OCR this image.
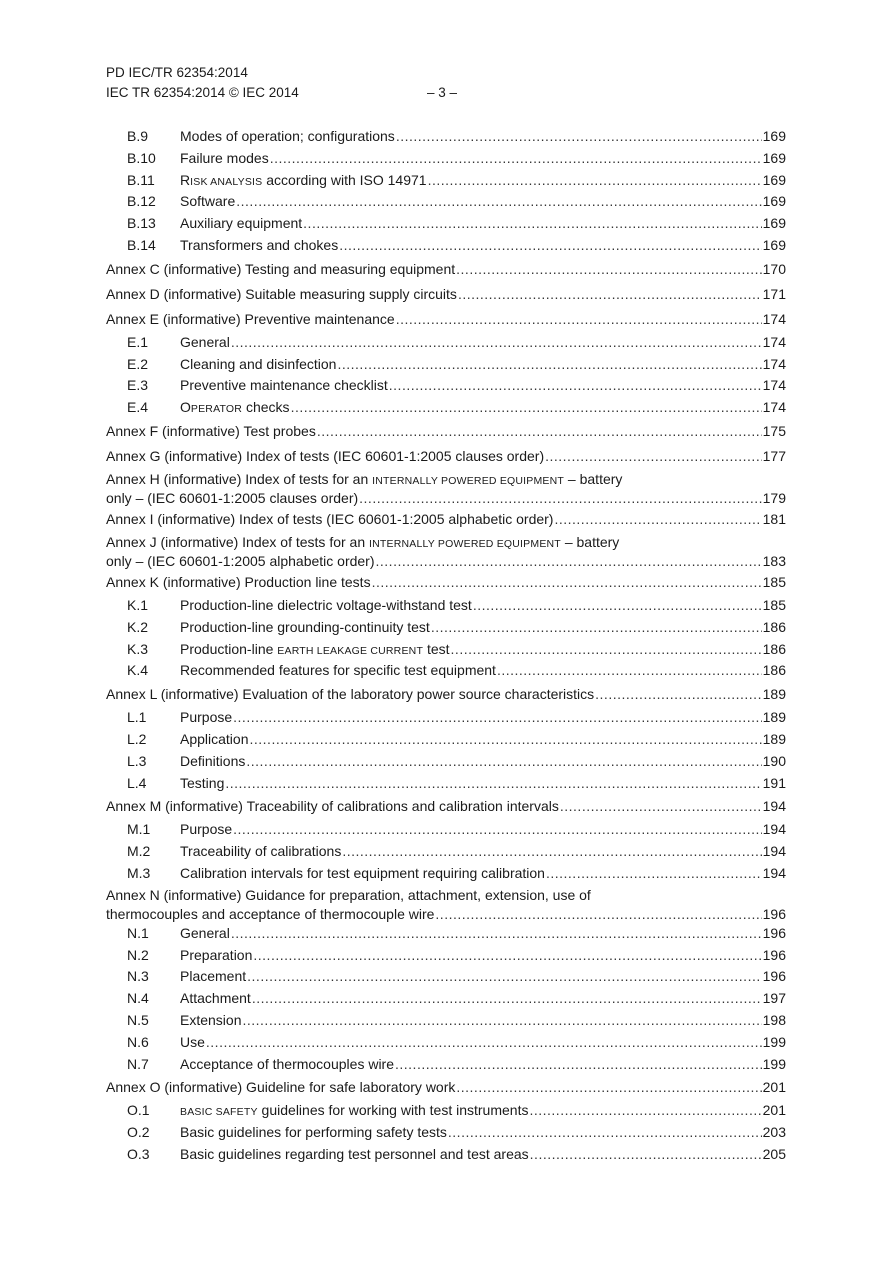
PD IEC/TR 62354:2014
IEC TR 62354:2014 © IEC 2014	– 3 –
B.9	Modes of operation; configurations .....	169
B.10	Failure modes .....	169
B.11	RISK ANALYSIS according with ISO 14971 .....	169
B.12	Software .....	169
B.13	Auxiliary equipment .....	169
B.14	Transformers and chokes .....	169
Annex C (informative) Testing and measuring equipment .....	170
Annex D (informative) Suitable measuring supply circuits .....	171
Annex E (informative) Preventive maintenance .....	174
E.1	General .....	174
E.2	Cleaning and disinfection .....	174
E.3	Preventive maintenance checklist .....	174
E.4	OPERATOR checks .....	174
Annex F (informative) Test probes .....	175
Annex G (informative) Index of tests (IEC 60601-1:2005 clauses order) .....	177
Annex H (informative) Index of tests for an INTERNALLY POWERED EQUIPMENT – battery
only – (IEC 60601-1:2005 clauses order) .....	179
Annex I (informative) Index of tests (IEC 60601-1:2005 alphabetic order) .....	181
Annex J (informative) Index of tests for an INTERNALLY POWERED EQUIPMENT – battery
only – (IEC 60601-1:2005 alphabetic order) .....	183
Annex K (informative) Production line tests .....	185
K.1	Production-line dielectric voltage-withstand test .....	185
K.2	Production-line grounding-continuity test .....	186
K.3	Production-line EARTH LEAKAGE CURRENT test .....	186
K.4	Recommended features for specific test equipment .....	186
Annex L (informative) Evaluation of the laboratory power source characteristics .....	189
L.1	Purpose .....	189
L.2	Application .....	189
L.3	Definitions .....	190
L.4	Testing .....	191
Annex M (informative) Traceability of calibrations and calibration intervals .....	194
M.1	Purpose .....	194
M.2	Traceability of calibrations .....	194
M.3	Calibration intervals for test equipment requiring calibration .....	194
Annex N (informative) Guidance for preparation, attachment, extension, use of
thermocouples and acceptance of thermocouple wire .....	196
N.1	General .....	196
N.2	Preparation .....	196
N.3	Placement .....	196
N.4	Attachment .....	197
N.5	Extension .....	198
N.6	Use .....	199
N.7	Acceptance of thermocouples wire .....	199
Annex O (informative) Guideline for safe laboratory work .....	201
O.1	BASIC SAFETY guidelines for working with test instruments .....	201
O.2	Basic guidelines for performing safety tests .....	203
O.3	Basic guidelines regarding test personnel and test areas .....	205
